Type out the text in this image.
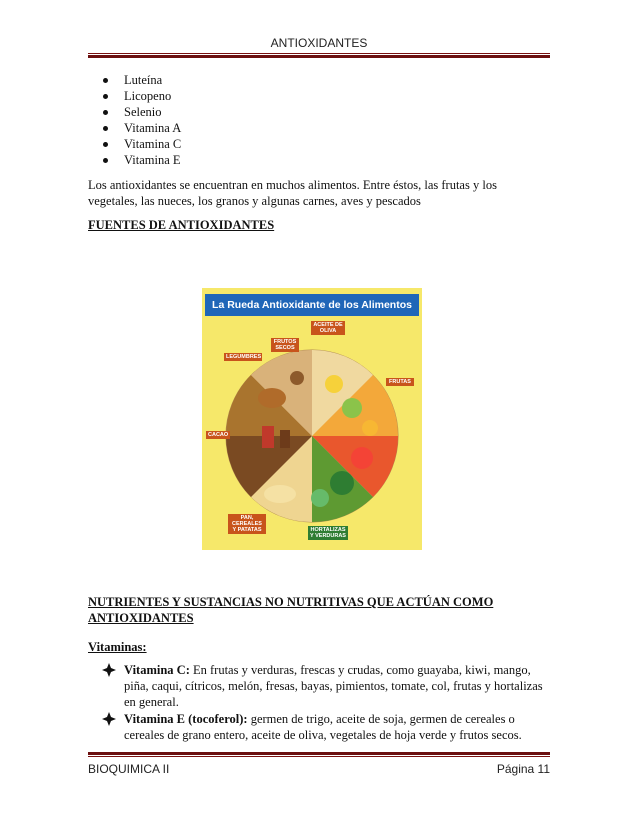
ANTIOXIDANTES
Luteína
Licopeno
Selenio
Vitamina A
Vitamina C
Vitamina E
Los antioxidantes se encuentran en muchos alimentos. Entre éstos, las frutas y los vegetales, las nueces, los granos y algunas carnes, aves y pescados
FUENTES DE ANTIOXIDANTES
La Rueda Antioxidante de los Alimentos
ACEITE DE OLIVA
FRUTOS SECOS
LEGUMBRES
FRUTAS
CACAO
PAN, CEREALES Y PATATAS	HORTALIZAS Y VERDURAS
NUTRIENTES Y SUSTANCIAS NO NUTRITIVAS QUE ACTÚAN COMO ANTIOXIDANTES
Vitaminas:
Vitamina C: En frutas y verduras, frescas y crudas, como guayaba, kiwi, mango, piña, caqui, cítricos, melón, fresas, bayas, pimientos, tomate, col, frutas y hortalizas en general.
Vitamina E (tocoferol): germen de trigo, aceite de soja, germen de cereales o cereales de grano entero, aceite de oliva, vegetales de hoja verde y frutos secos.
BIOQUIMICA II	Página 11
